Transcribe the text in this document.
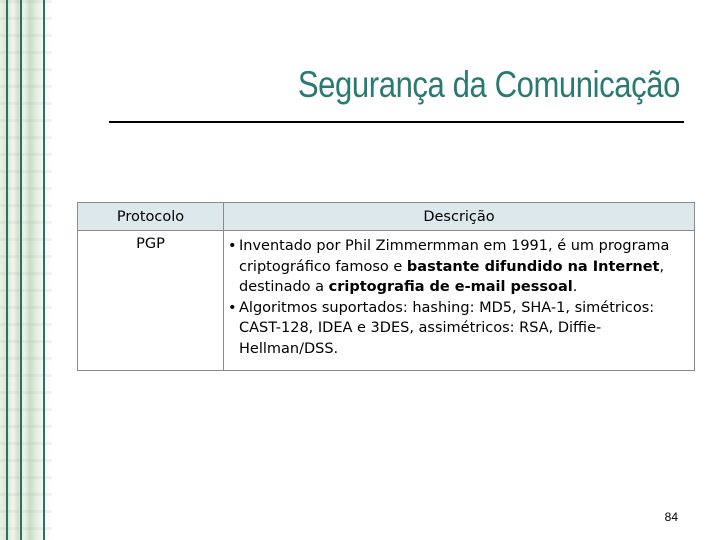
Segurança da Comunicação
Protocolo	Descrição
PGP	• Inventado por Phil Zimmermman em 1991, é um programa criptográfico famoso e bastante difundido na Internet, destinado a criptografia de e-mail pessoal.
• Algoritmos suportados: hashing: MD5, SHA-1, simétricos: CAST-128, IDEA e 3DES, assimétricos: RSA, Diffie-Hellman/DSS.
84
